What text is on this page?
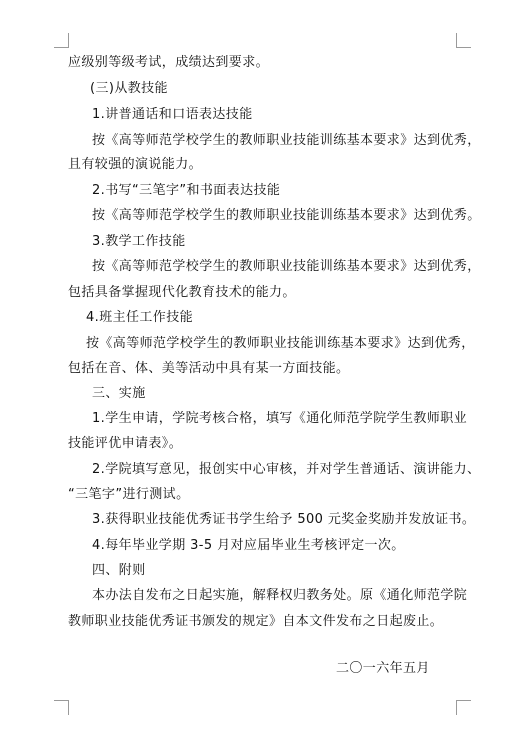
应级别等级考试，成绩达到要求。
(三)从教技能
1.讲普通话和口语表达技能
按《高等师范学校学生的教师职业技能训练基本要求》达到优秀，
且有较强的演说能力。
2.书写“三笔字”和书面表达技能
按《高等师范学校学生的教师职业技能训练基本要求》达到优秀。
3.教学工作技能
按《高等师范学校学生的教师职业技能训练基本要求》达到优秀，
包括具备掌握现代化教育技术的能力。
4.班主任工作技能
按《高等师范学校学生的教师职业技能训练基本要求》达到优秀，
包括在音、体、美等活动中具有某一方面技能。
三、实施
1.学生申请，学院考核合格，填写《通化师范学院学生教师职业
技能评优申请表》。
2.学院填写意见，报创实中心审核，并对学生普通话、演讲能力、
“三笔字”进行测试。
3.获得职业技能优秀证书学生给予 500 元奖金奖励并发放证书。
4.每年毕业学期 3-5 月对应届毕业生考核评定一次。
四、附则
本办法自发布之日起实施，解释权归教务处。原《通化师范学院
教师职业技能优秀证书颁发的规定》自本文件发布之日起废止。
二〇一六年五月
